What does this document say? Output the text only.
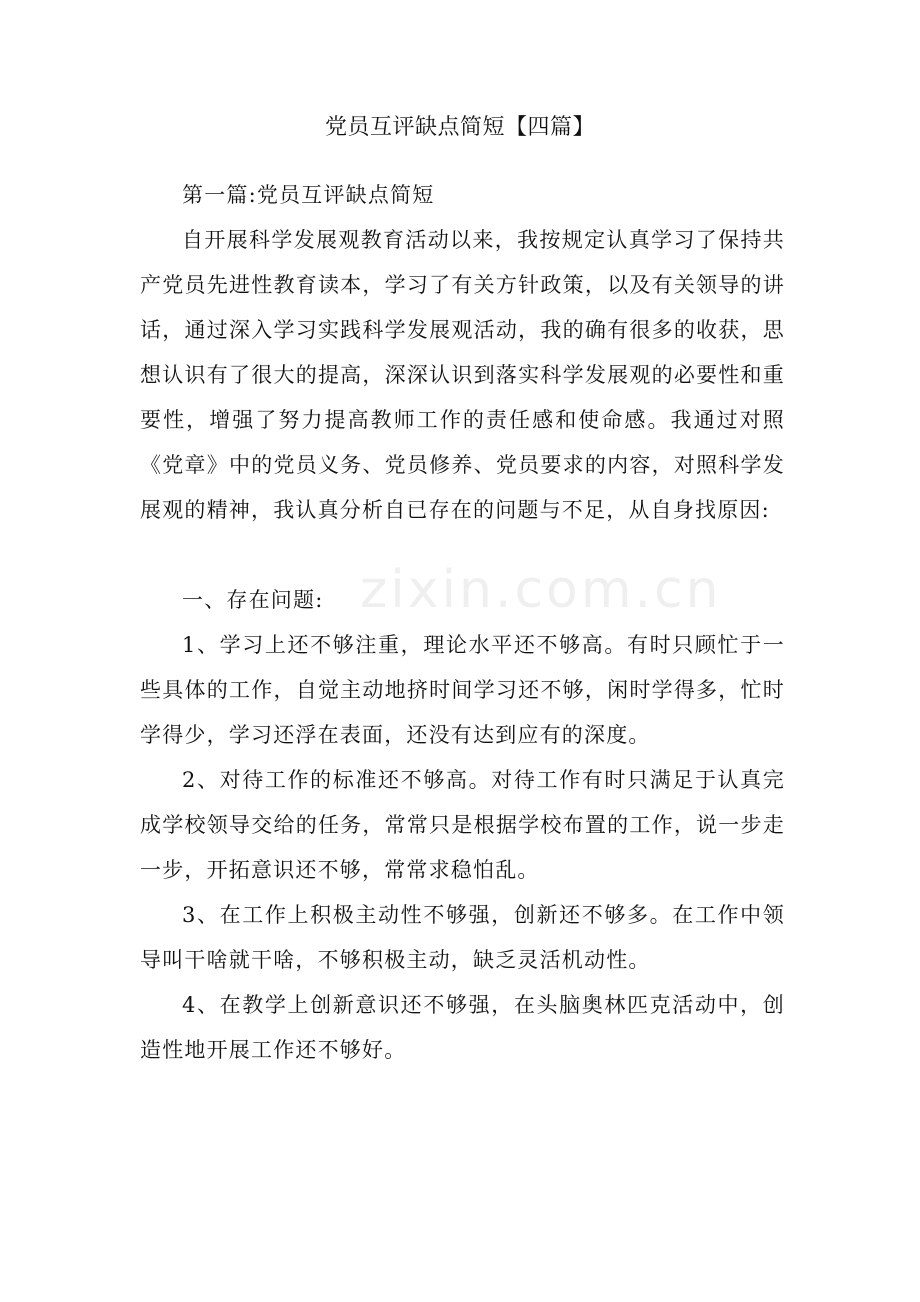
党员互评缺点简短【四篇】

第一篇:党员互评缺点简短

自开展科学发展观教育活动以来，我按规定认真学习了保持共产党员先进性教育读本，学习了有关方针政策，以及有关领导的讲话，通过深入学习实践科学发展观活动，我的确有很多的收获，思想认识有了很大的提高，深深认识到落实科学发展观的必要性和重要性，增强了努力提高教师工作的责任感和使命感。我通过对照《党章》中的党员义务、党员修养、党员要求的内容，对照科学发展观的精神，我认真分析自已存在的问题与不足，从自身找原因:

一、存在问题:

1、学习上还不够注重，理论水平还不够高。有时只顾忙于一些具体的工作，自觉主动地挤时间学习还不够，闲时学得多，忙时学得少，学习还浮在表面，还没有达到应有的深度。

2、对待工作的标准还不够高。对待工作有时只满足于认真完成学校领导交给的任务，常常只是根据学校布置的工作，说一步走一步，开拓意识还不够，常常求稳怕乱。

3、在工作上积极主动性不够强，创新还不够多。在工作中领导叫干啥就干啥，不够积极主动，缺乏灵活机动性。

4、在教学上创新意识还不够强，在头脑奥林匹克活动中，创造性地开展工作还不够好。

zixin.com.cn
